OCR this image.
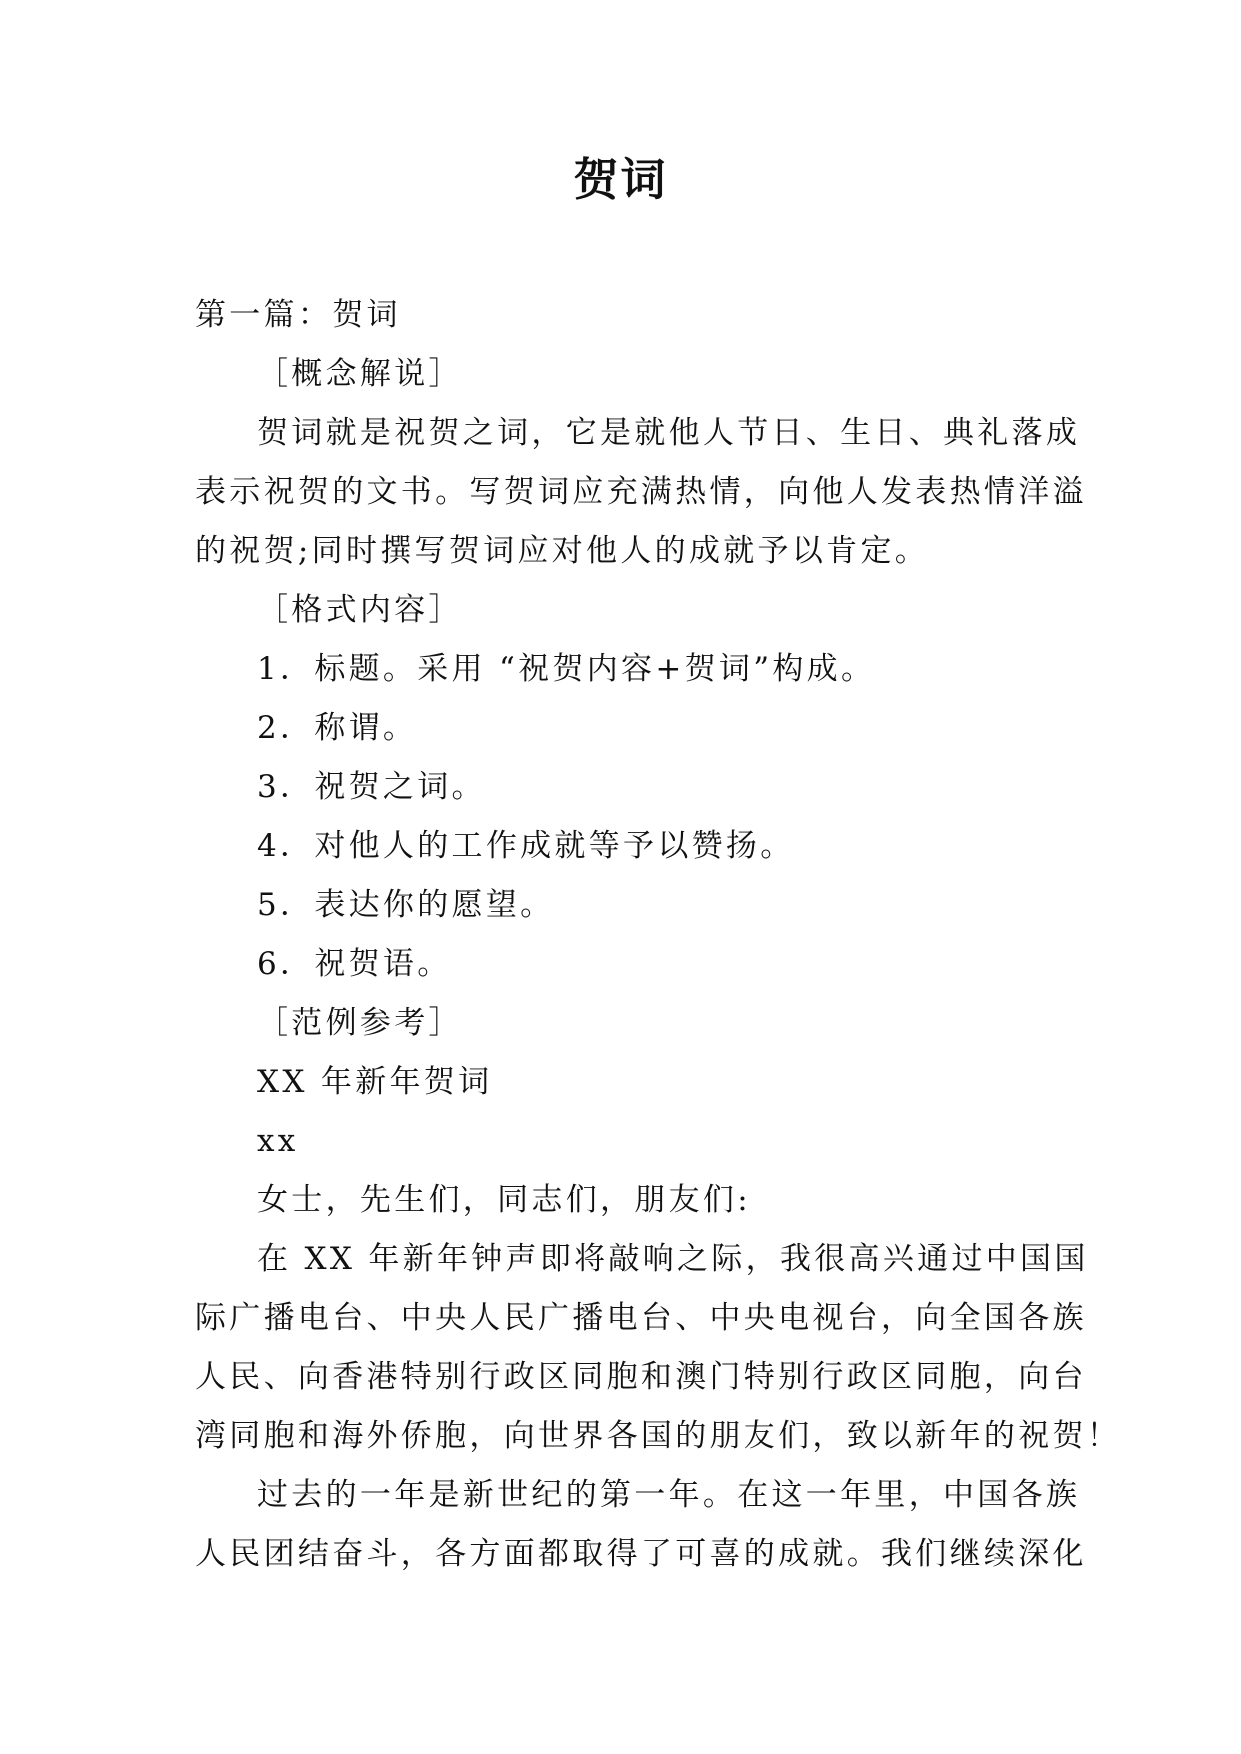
贺词
第一篇：贺词
［概念解说］
贺词就是祝贺之词，它是就他人节日、生日、典礼落成
表示祝贺的文书。写贺词应充满热情，向他人发表热情洋溢
的祝贺;同时撰写贺词应对他人的成就予以肯定。
［格式内容］
1．标题。采用 “祝贺内容+贺词”构成。
2．称谓。
3．祝贺之词。
4．对他人的工作成就等予以赞扬。
5．表达你的愿望。
6．祝贺语。
［范例参考］
XX 年新年贺词
xx
女士，先生们，同志们，朋友们:
在 XX 年新年钟声即将敲响之际，我很高兴通过中国国
际广播电台、中央人民广播电台、中央电视台，向全国各族
人民、向香港特别行政区同胞和澳门特别行政区同胞，向台
湾同胞和海外侨胞，向世界各国的朋友们，致以新年的祝贺！
过去的一年是新世纪的第一年。在这一年里，中国各族
人民团结奋斗，各方面都取得了可喜的成就。我们继续深化
